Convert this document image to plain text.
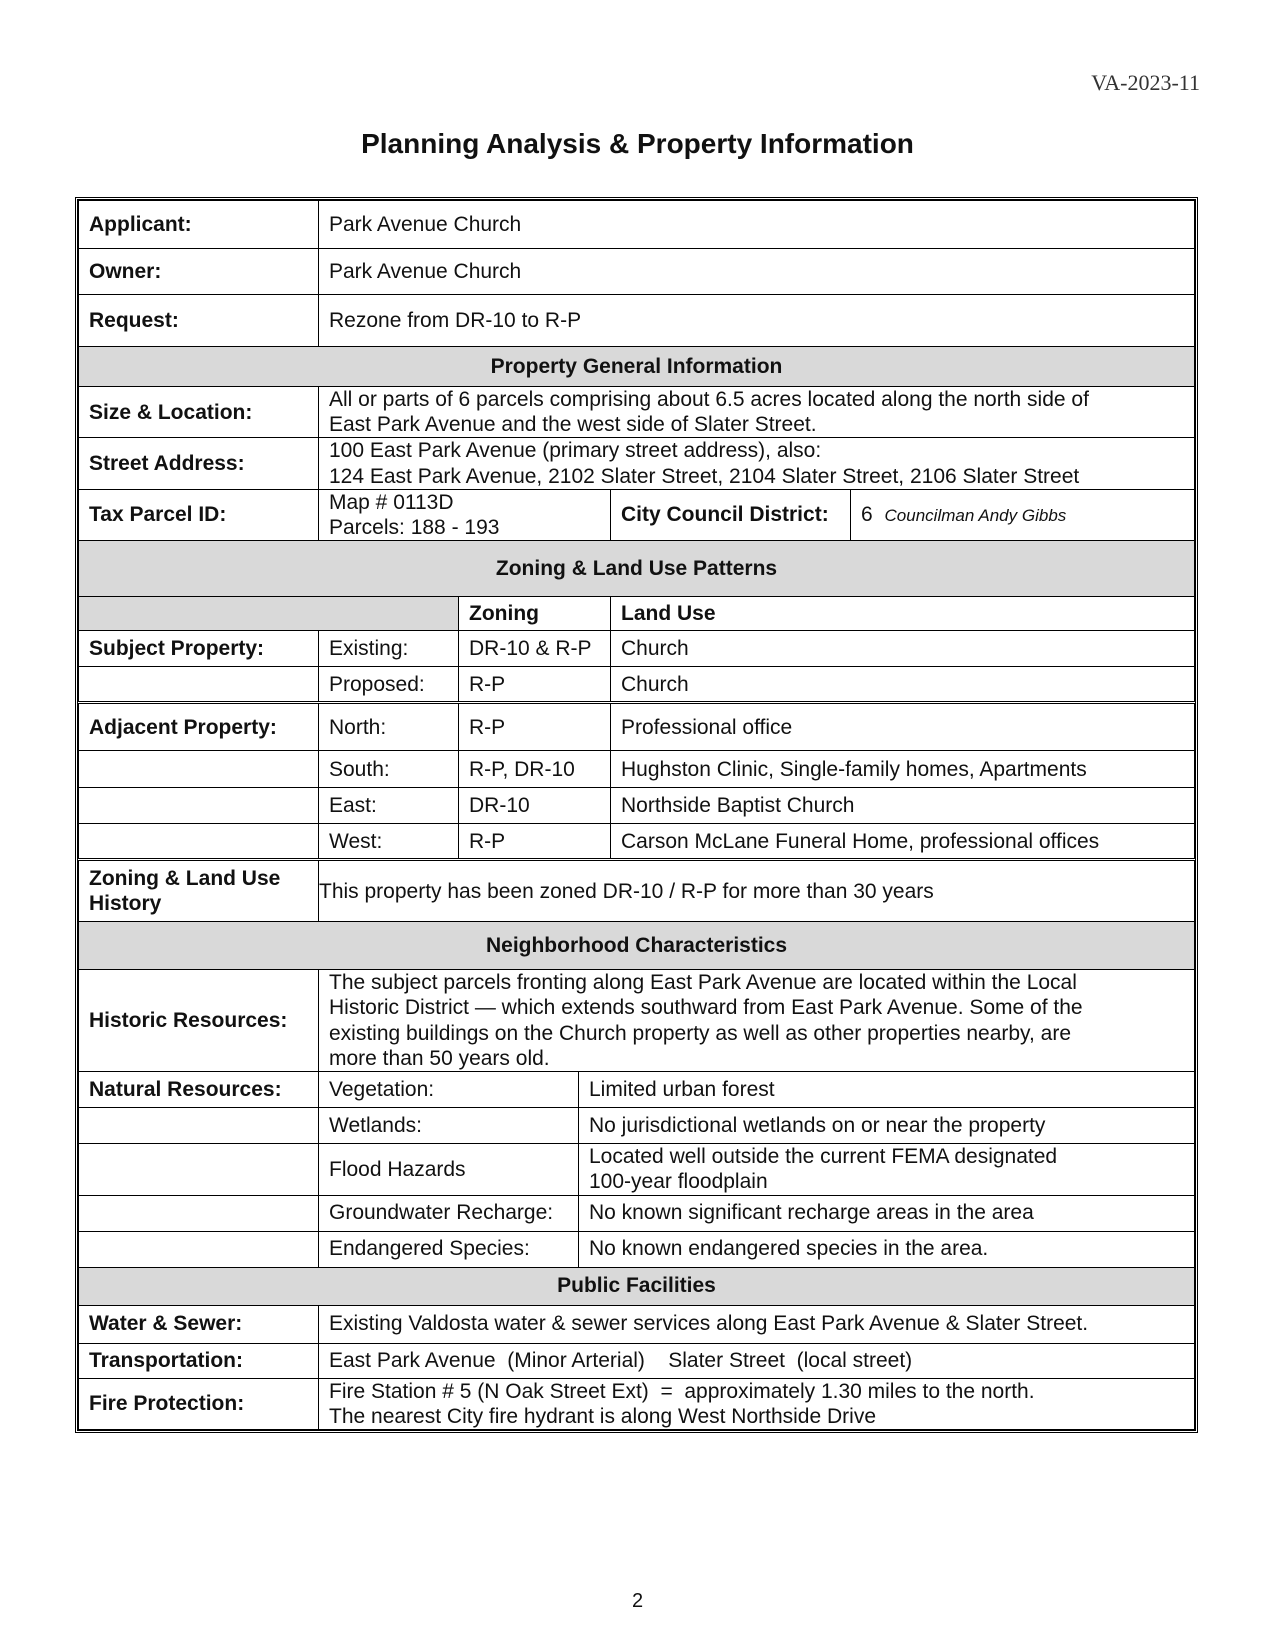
VA-2023-11
Planning Analysis & Property Information
Applicant:	Park Avenue Church				
Owner:	Park Avenue Church				
Request:	Rezone from DR-10 to R-P				
Property General Information					
Size & Location:	All or parts of 6 parcels comprising about 6.5 acres located along the north side of
East Park Avenue and the west side of Slater Street.				

Street Address:	100 East Park Avenue (primary street address), also:
124 East Park Avenue, 2102 Slater Street, 2104 Slater Street, 2106 Slater Street				

Tax Parcel ID:	Map # 0113D
Parcels: 188 - 193			City Council District:	6 Councilman Andy Gibbs
Zoning & Land Use Patterns					
		Zoning		Land Use	
Subject Property:	Existing:	DR-10 & R-P		Church	
	Proposed:	R-P		Church	
Adjacent Property:	North:	R-P		Professional office	
	South:	R-P, DR-10		Hughston Clinic, Single-family homes, Apartments	
	East:	DR-10		Northside Baptist Church	
	West:	R-P		Carson McLane Funeral Home, professional offices	

Zoning & Land Use
History	This property has been zoned DR-10 / R-P for more than 30 years				
Neighborhood Characteristics					
Historic Resources:	The subject parcels fronting along East Park Avenue are located within the Local
Historic District — which extends southward from East Park Avenue. Some of the
existing buildings on the Church property as well as other properties nearby, are
more than 50 years old.				

Natural Resources:	Vegetation:		Limited urban forest		
	Wetlands:		No jurisdictional wetlands on or near the property		
	Flood Hazards		Located well outside the current FEMA designated
100-year floodplain		

	Groundwater Recharge:		No known significant recharge areas in the area		
	Endangered Species:		No known endangered species in the area.		
Public Facilities					
Water & Sewer:	Existing Valdosta water & sewer services along East Park Avenue & Slater Street.				
Transportation:	East Park Avenue  (Minor Arterial)    Slater Street  (local street)				
Fire Protection:	Fire Station # 5 (N Oak Street Ext)  =  approximately 1.30 miles to the north.
The nearest City fire hydrant is along West Northside Drive				
2
